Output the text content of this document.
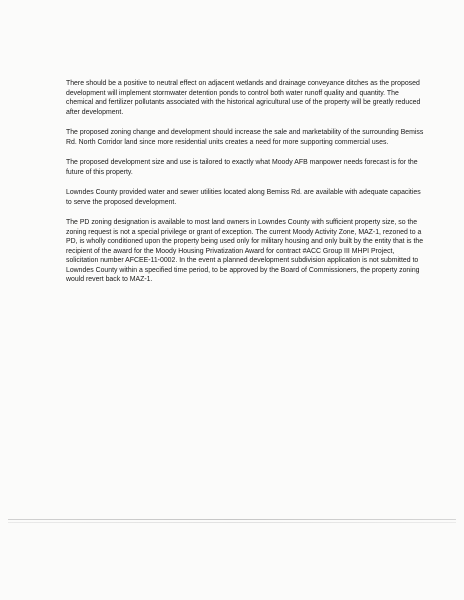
There should be a positive to neutral effect on adjacent wetlands and drainage conveyance ditches as the proposed development will implement stormwater detention ponds to control both water runoff quality and quantity. The chemical and fertilizer pollutants associated with the historical agricultural use of the property will be greatly reduced after development.

The proposed zoning change and development should increase the sale and marketability of the surrounding Bemiss Rd. North Corridor land since more residential units creates a need for more supporting commercial uses.

The proposed development size and use is tailored to exactly what Moody AFB manpower needs forecast is for the future of this property.

Lowndes County provided water and sewer utilities located along Bemiss Rd. are available with adequate capacities to serve the proposed development.

The PD zoning designation is available to most land owners in Lowndes County with sufficient property size, so the zoning request is not a special privilege or grant of exception. The current Moody Activity Zone, MAZ-1, rezoned to a PD, is wholly conditioned upon the property being used only for military housing and only built by the entity that is the recipient of the award for the Moody Housing Privatization Award for contract #ACC Group III MHPI Project, solicitation number AFCEE-11-0002. In the event a planned development subdivision application is not submitted to Lowndes County within a specified time period, to be approved by the Board of Commissioners, the property zoning would revert back to MAZ-1.
